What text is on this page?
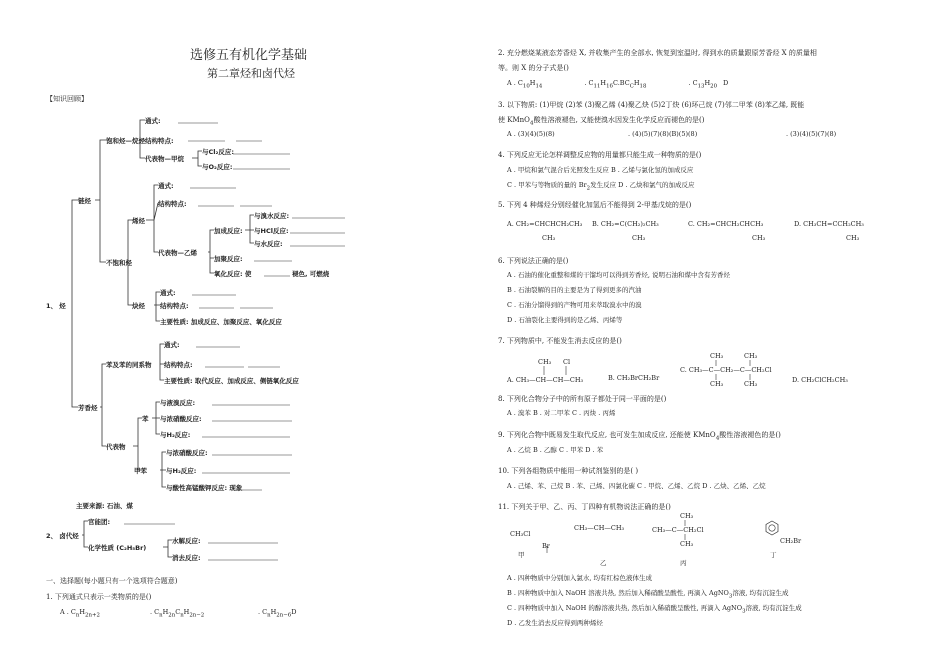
选修五有机化学基础
第二章烃和卤代烃
【知识回顾】
1、 烃
链烃
饱和烃—烷烃
通式:
结构特点:
代表物—甲烷
与Cl₂反应:
与O₂反应:
不饱和烃
烯烃
通式:
结构特点:
代表物—乙烯
加成反应:
与溴水反应:
与HCl反应:
与水反应:
加聚反应:
氧化反应: 使	褪色, 可燃烧
炔烃
通式:
结构特点:
主要性质: 加成反应、加聚反应、氧化反应
芳香烃
苯及苯的同系物
通式:
结构特点:
主要性质: 取代反应、加成反应、侧链氧化反应
代表物
苯
与液溴反应:
与浓硝酸反应:
与H₂反应:
甲苯
与浓硝酸反应:
与H₂反应:
与酸性高锰酸钾反应: 现象
主要来源: 石油、煤
2、 卤代烃
官能团:
化学性质 (C₂H₅Br)
水解反应:
消去反应:
一、选择题(每小题只有一个选项符合题意)
1. 下列通式只表示一类物质的是()
A . $C_nH_{2n+2}$	. $C_nH_{2n}C_nH_{2n-2}$	. $C_nH_{2n-6}D$
2. 充分燃烧某液态芳香烃 X, 并收集产生的全部水, 恢复到室温时, 得到水的质量跟原芳香烃 X 的质量相
等。则 X 的分子式是()
A . $C_{10}H_{14}$	. $C_{11}H_{16}C.BC_CH_{18}$	. $C_{13}H_{20}$ D
3. 以下物质: (1)甲烷 (2)苯 (3)聚乙烯 (4)聚乙炔 (5)2丁炔 (6)环己烷 (7)邻二甲苯 (8)苯乙烯, 既能
使 KMnO$_4$酸性溶液褪色, 又能使溴水因发生化学反应而褪色的是()
A . (3)(4)(5)(8)	. (4)(5)(7)(8)(B)(5)(8)	. (3)(4)(5)(7)(8)
4. 下列反应无论怎样调整反应物的用量都只能生成一种物质的是()
A . 甲烷和氯气混合后光照发生反应 B . 乙烯与氯化氢的加成反应
C . 甲苯与等物质的量的 $Br_2$发生反应 D . 乙炔和氯气的加成反应
5. 下列 4 种烯烃分别经催化加氢后不能得到 2-甲基戊烷的是()
A. CH₂=CHCHCH₂CH₃
CH₃
B. CH₂=C(CH₂)₂CH₃
CH₃
C. CH₂=CHCH₂CHCH₃
CH₃
D. CH₃CH=CCH₂CH₃
CH₃
6. 下列说法正确的是()
A . 石油的催化重整和煤的干馏均可以得到芳香烃, 说明石油和煤中含有芳香烃
B . 石油裂解的目的主要是为了得到更多的汽油
C . 石油分馏得到的产物可用来萃取溴水中的溴
D . 石油裂化主要得到的是乙烯、丙烯等
7. 下列物质中, 不能发生消去反应的是()
CH₃ Cl
A. CH₃—CH—CH—CH₃	B. CH₂BrCH₂Br
CH₃	CH₃
C. CH₃—C—CH₂—C—CH₂Cl
CH₃	CH₃	D. CH₂ClCH₂CH₃
8. 下列化合物分子中的所有原子都处于同一平面的是()
A . 溴苯 B . 对二甲苯 C . 丙炔 . 丙烯
9. 下列化合物中既易发生取代反应, 也可发生加成反应, 还能使 KMnO$_4$酸性溶液褪色的是()
A . 乙烷 B . 乙醇 C . 甲苯 D . 苯
10. 下列各组物质中能用一种试剂鉴别的是( )
A . 己烯、苯、己烷 B . 苯、己烯、四氯化碳 C . 甲烷、乙烯、乙烷 D . 乙炔、乙烯、乙烷
11. 下列关于甲、乙、丙、丁四种有机物说法正确的是()
CH₃Cl
CH₃—CH—CH₃
Br
CH₃
CH₃—C—CH₂Cl
CH₃	CH₂Br
甲
乙	丙
丁
A . 四种物质中分别加入氯水, 均有红棕色液体生成
B . 四种物质中加入 NaOH 溶液共热, 然后加入稀硝酸呈酸性, 再滴入 AgNO$_3$溶液, 均有沉淀生成
C . 四种物质中加入 NaOH 的醇溶液共热, 然后加入稀硝酸呈酸性, 再滴入 AgNO$_3$溶液, 均有沉淀生成
D . 乙发生消去反应得到两种烯烃
